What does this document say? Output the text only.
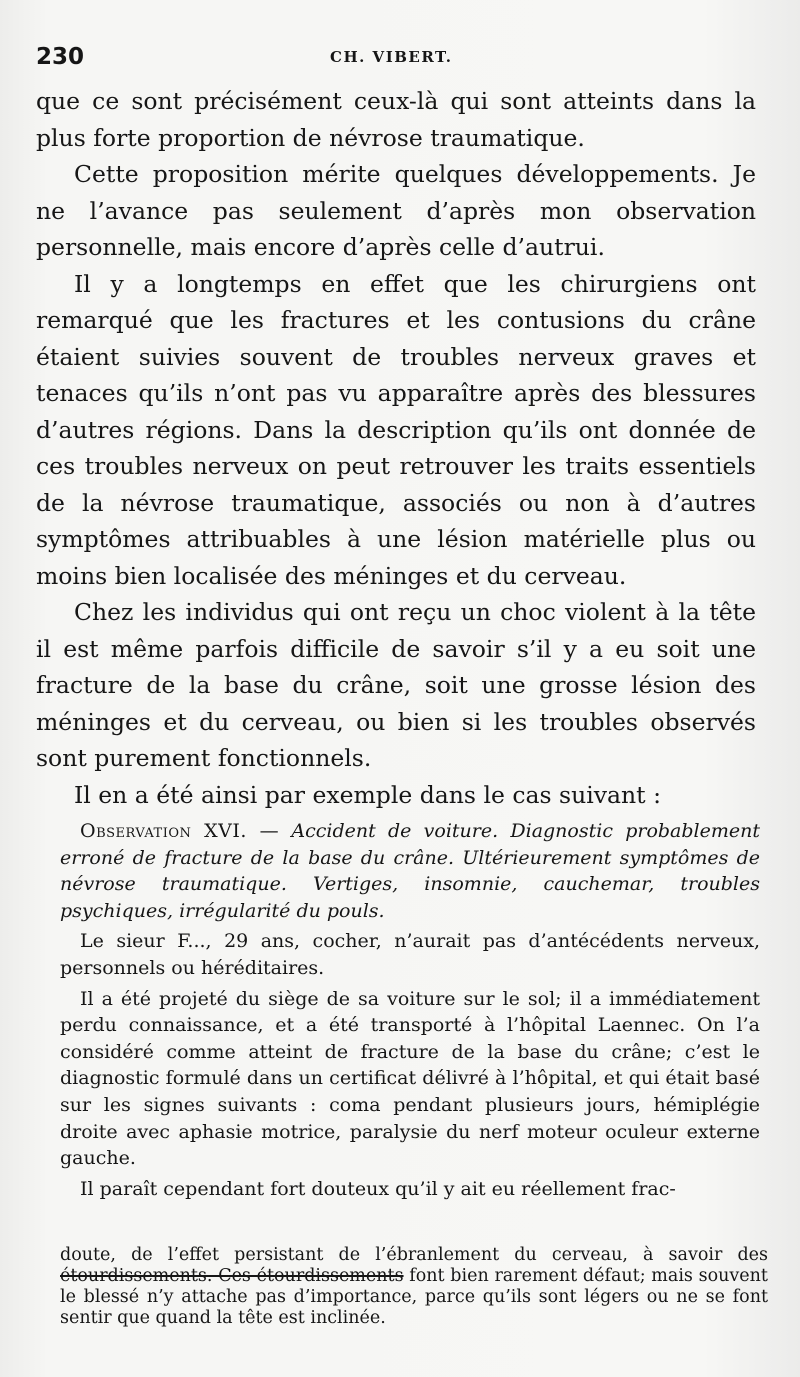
230	CH. VIBERT.

que ce sont précisément ceux-là qui sont atteints dans la plus forte proportion de névrose traumatique.

Cette proposition mérite quelques développements. Je ne l’avance pas seulement d’après mon observation personnelle, mais encore d’après celle d’autrui.

Il y a longtemps en effet que les chirurgiens ont remarqué que les fractures et les contusions du crâne étaient suivies souvent de troubles nerveux graves et tenaces qu’ils n’ont pas vu apparaître après des blessures d’autres régions. Dans la description qu’ils ont donnée de ces troubles nerveux on peut retrouver les traits essentiels de la névrose traumatique, associés ou non à d’autres symptômes attribuables à une lésion matérielle plus ou moins bien localisée des méninges et du cerveau.

Chez les individus qui ont reçu un choc violent à la tête il est même parfois difficile de savoir s’il y a eu soit une fracture de la base du crâne, soit une grosse lésion des méninges et du cerveau, ou bien si les troubles observés sont purement fonctionnels.

Il en a été ainsi par exemple dans le cas suivant :

Observation XVI. — Accident de voiture. Diagnostic probablement erroné de fracture de la base du crâne. Ultérieurement symptômes de névrose traumatique. Vertiges, insomnie, cauchemar, troubles psychiques, irrégularité du pouls.

Le sieur F..., 29 ans, cocher, n’aurait pas d’antécédents nerveux, personnels ou héréditaires.

Il a été projeté du siège de sa voiture sur le sol; il a immédiatement perdu connaissance, et a été transporté à l’hôpital Laennec. On l’a considéré comme atteint de fracture de la base du crâne; c’est le diagnostic formulé dans un certificat délivré à l’hôpital, et qui était basé sur les signes suivants : coma pendant plusieurs jours, hémiplégie droite avec aphasie motrice, paralysie du nerf moteur oculeur externe gauche.

Il paraît cependant fort douteux qu’il y ait eu réellement frac-

doute, de l’effet persistant de l’ébranlement du cerveau, à savoir des étourdissements. Ces étourdissements font bien rarement défaut; mais souvent le blessé n’y attache pas d’importance, parce qu’ils sont légers ou ne se font sentir que quand la tête est inclinée.
